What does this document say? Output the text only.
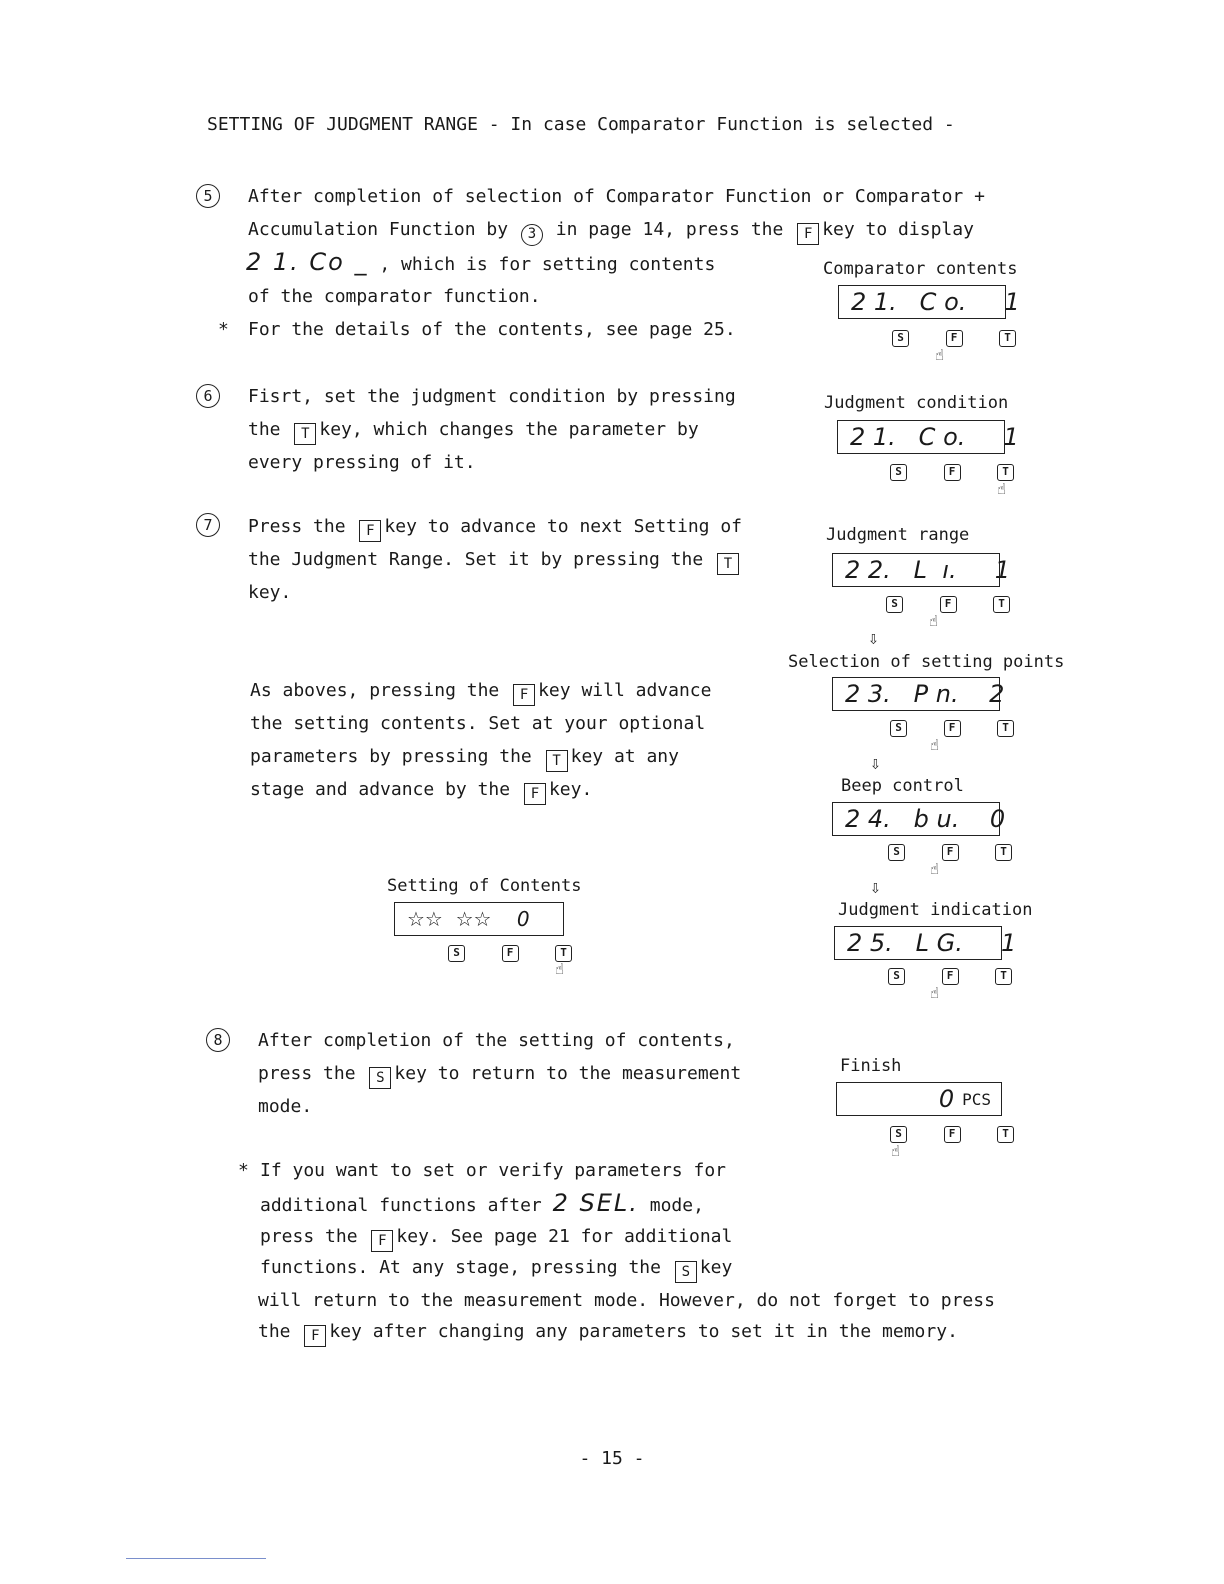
SETTING OF JUDGMENT RANGE - In case Comparator Function is selected -
5	After completion of selection of Comparator Function or Comparator +
Accumulation Function by 3 in page 14, press the F key to display
2 1. Co _ , which is for setting contents
of the comparator function.
* For the details of the contents, see page 25.
6	Fisrt, set the judgment condition by pressing
the T key, which changes the parameter by
every pressing of it.
7	Press the F key to advance to next Setting of
the Judgment Range. Set it by pressing the T
key.
As aboves, pressing the F key will advance
the setting contents. Set at your optional
parameters by pressing the T key at any
stage and advance by the F key.
Setting of Contents
☆☆  ☆☆    0
S	F	T
☝
8	After completion of the setting of contents,
press the S key to return to the measurement
mode.
* If you want to set or verify parameters for
additional functions after 2 SEL. mode,
press the F key. See page 21 for additional
functions. At any stage, pressing the S key
will return to the measurement mode. However, do not forget to press
the F key after changing any parameters to set it in the memory.
Comparator contents
2 1.   C o.     1
S	F	T
☝
Judgment condition
2 1.   C o.     1
S	F	T
☝
Judgment range
2 2.   L  ı.     1
S	F	T
☝
⇩
Selection of setting points
2 3.   P n.    2
S	F	T
☝
⇩
Beep control
2 4.   b u.    0
S	F	T
☝
⇩
Judgment indication
2 5.   L G.     1
S	F	T
☝
Finish
0 PCS
S	F	T
☝
- 15 -
